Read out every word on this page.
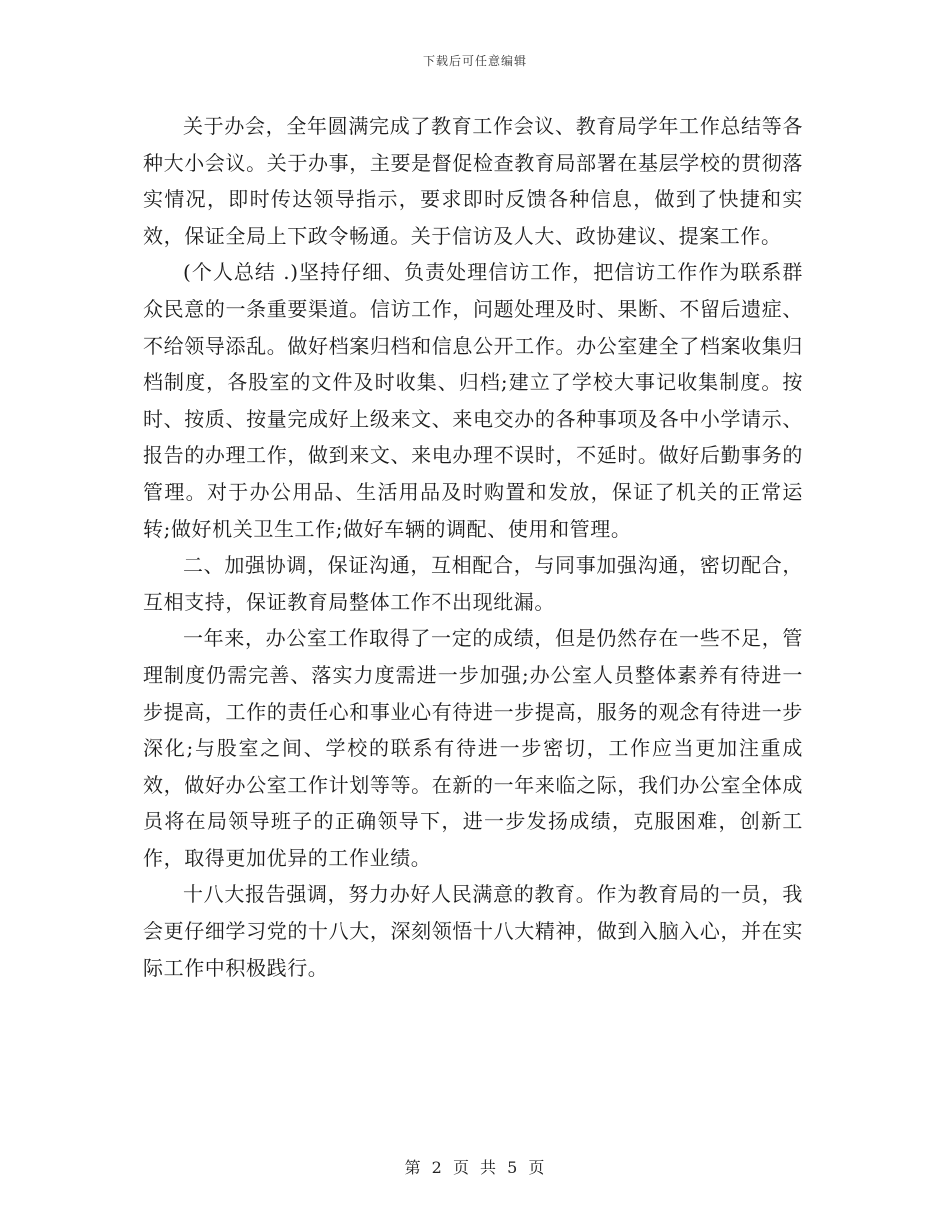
下载后可任意编辑

关于办会，全年圆满完成了教育工作会议、教育局学年工作总结等各种大小会议。关于办事，主要是督促检查教育局部署在基层学校的贯彻落实情况，即时传达领导指示，要求即时反馈各种信息，做到了快捷和实效，保证全局上下政令畅通。关于信访及人大、政协建议、提案工作。

(个人总结 .)坚持仔细、负责处理信访工作，把信访工作作为联系群众民意的一条重要渠道。信访工作，问题处理及时、果断、不留后遗症、不给领导添乱。做好档案归档和信息公开工作。办公室建全了档案收集归档制度，各股室的文件及时收集、归档;建立了学校大事记收集制度。按时、按质、按量完成好上级来文、来电交办的各种事项及各中小学请示、报告的办理工作，做到来文、来电办理不误时，不延时。做好后勤事务的管理。对于办公用品、生活用品及时购置和发放，保证了机关的正常运转;做好机关卫生工作;做好车辆的调配、使用和管理。

二、加强协调，保证沟通，互相配合，与同事加强沟通，密切配合，互相支持，保证教育局整体工作不出现纰漏。

一年来，办公室工作取得了一定的成绩，但是仍然存在一些不足，管理制度仍需完善、落实力度需进一步加强;办公室人员整体素养有待进一步提高，工作的责任心和事业心有待进一步提高，服务的观念有待进一步深化;与股室之间、学校的联系有待进一步密切，工作应当更加注重成效，做好办公室工作计划等等。在新的一年来临之际，我们办公室全体成员将在局领导班子的正确领导下，进一步发扬成绩，克服困难，创新工作，取得更加优异的工作业绩。

十八大报告强调，努力办好人民满意的教育。作为教育局的一员，我会更仔细学习党的十八大，深刻领悟十八大精神，做到入脑入心，并在实际工作中积极践行。

第 2 页 共 5 页
